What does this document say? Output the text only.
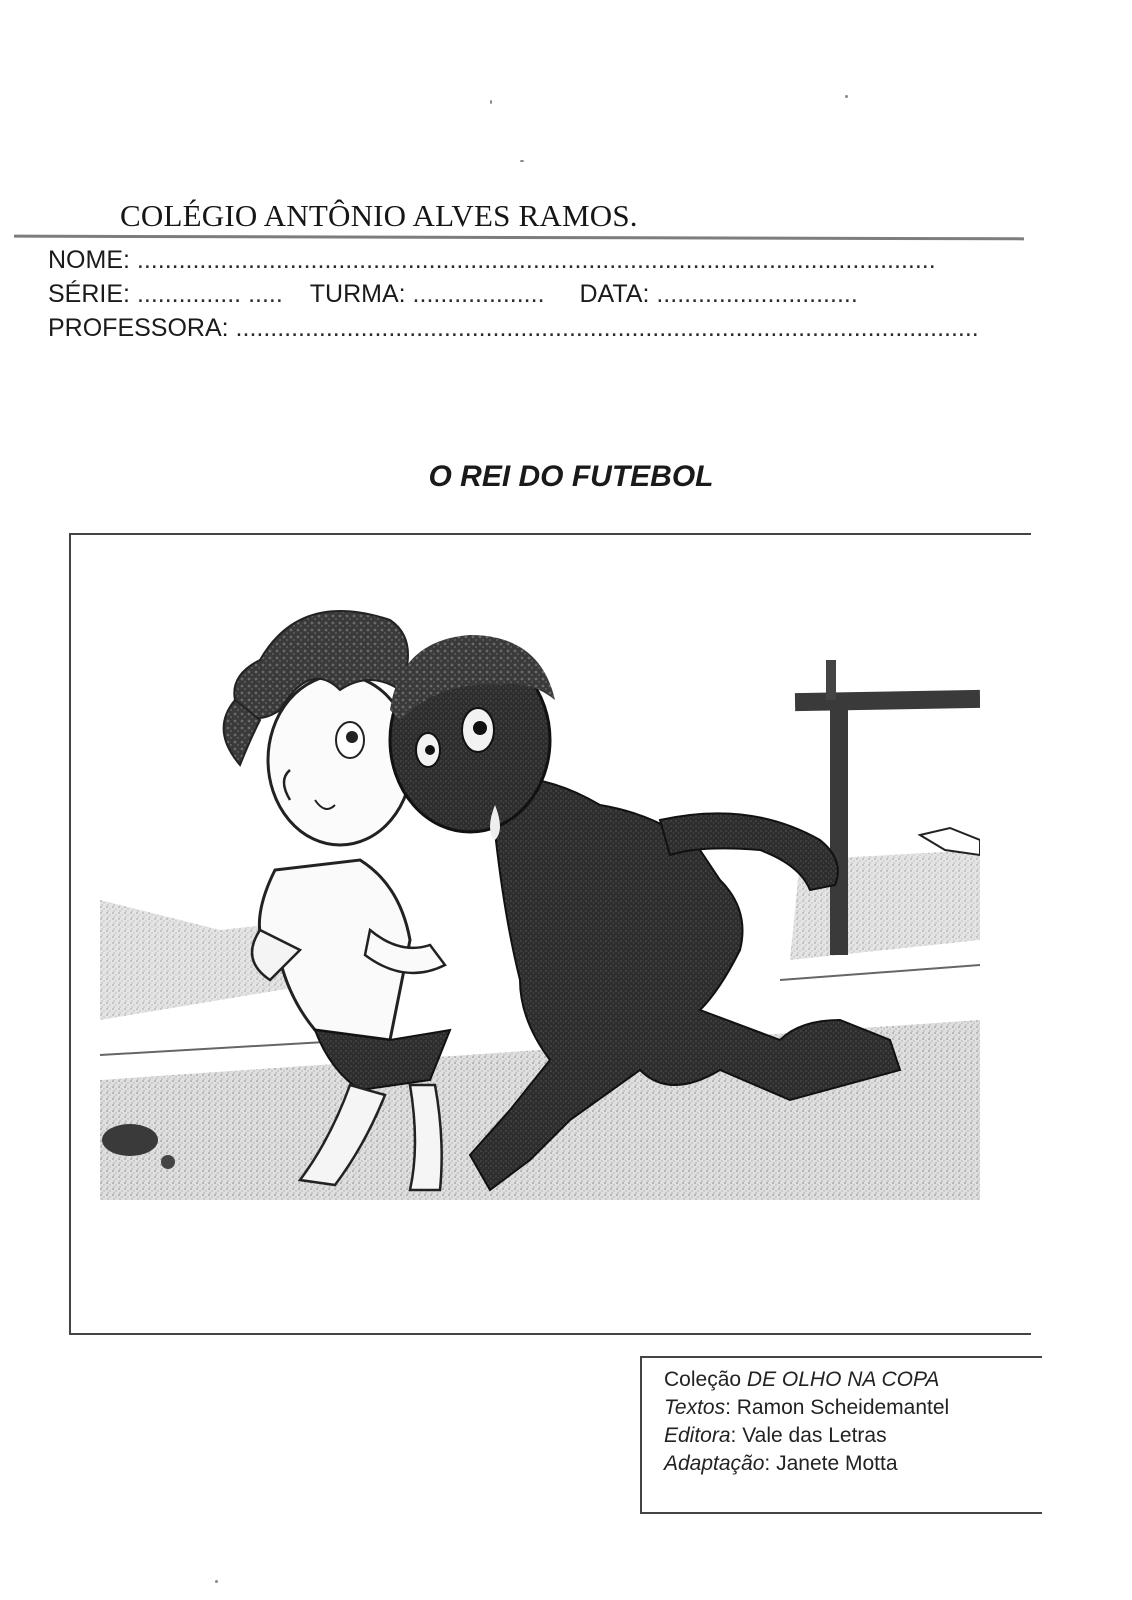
COLÉGIO ANTÔNIO ALVES RAMOS.
NOME: ...................................................................................................................
SÉRIE: ............... ..... TURMA: ................... DATA: .............................
PROFESSORA: ...........................................................................................................
O REI DO FUTEBOL
Coleção DE OLHO NA COPA
Textos: Ramon Scheidemantel
Editora: Vale das Letras
Adaptação: Janete Motta
